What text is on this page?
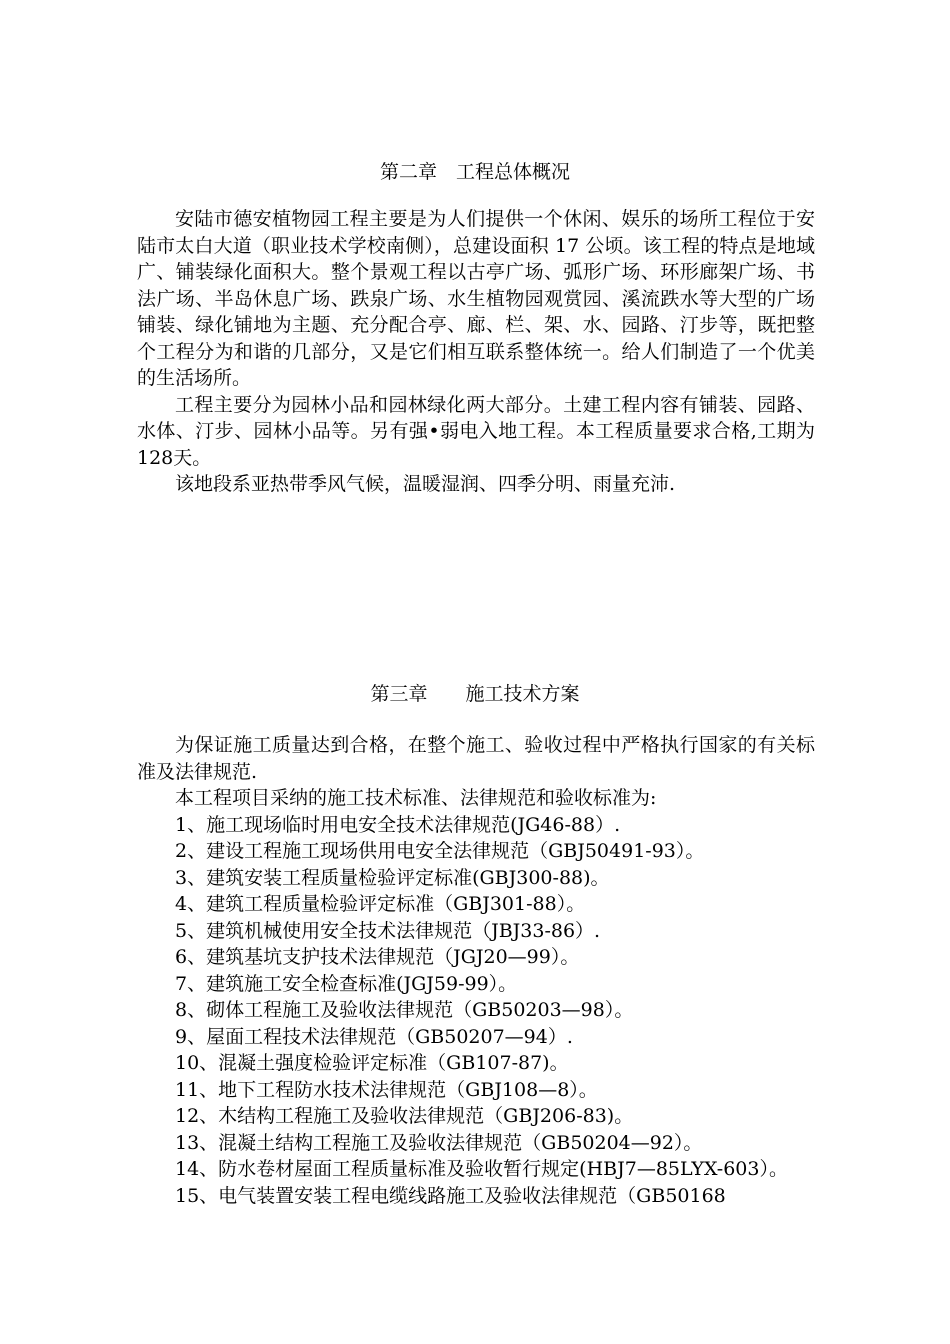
第二章　工程总体概况

安陆市德安植物园工程主要是为人们提供一个休闲、娱乐的场所工程位于安陆市太白大道（职业技术学校南侧），总建设面积 17 公顷。该工程的特点是地域广、铺装绿化面积大。整个景观工程以古亭广场、弧形广场、环形廊架广场、书法广场、半岛休息广场、跌泉广场、水生植物园观赏园、溪流跌水等大型的广场铺装、绿化铺地为主题、充分配合亭、廊、栏、架、水、园路、汀步等，既把整个工程分为和谐的几部分，又是它们相互联系整体统一。给人们制造了一个优美的生活场所。

工程主要分为园林小品和园林绿化两大部分。土建工程内容有铺装、园路、水体、汀步、园林小品等。另有强•弱电入地工程。本工程质量要求合格,工期为128天。

该地段系亚热带季风气候，温暖湿润、四季分明、雨量充沛.

第三章　　施工技术方案

为保证施工质量达到合格，在整个施工、验收过程中严格执行国家的有关标准及法律规范.

本工程项目采纳的施工技术标准、法律规范和验收标准为:

1、施工现场临时用电安全技术法律规范(JG46-88）.
2、建设工程施工现场供用电安全法律规范（GBJ50491-93）。
3、建筑安装工程质量检验评定标准(GBJ300-88)。
4、建筑工程质量检验评定标准（GBJ301-88）。
5、建筑机械使用安全技术法律规范（JBJ33-86）.
6、建筑基坑支护技术法律规范（JGJ20—99）。
7、建筑施工安全检查标准(JGJ59-99）。
8、砌体工程施工及验收法律规范（GB50203—98）。
9、屋面工程技术法律规范（GB50207—94）.
10、混凝土强度检验评定标准（GB107-87)。
11、地下工程防水技术法律规范（GBJ108—8）。
12、木结构工程施工及验收法律规范（GBJ206-83)。
13、混凝土结构工程施工及验收法律规范（GB50204—92）。
14、防水卷材屋面工程质量标准及验收暂行规定(HBJ7—85LYX-603）。
15、电气装置安装工程电缆线路施工及验收法律规范（GB50168
